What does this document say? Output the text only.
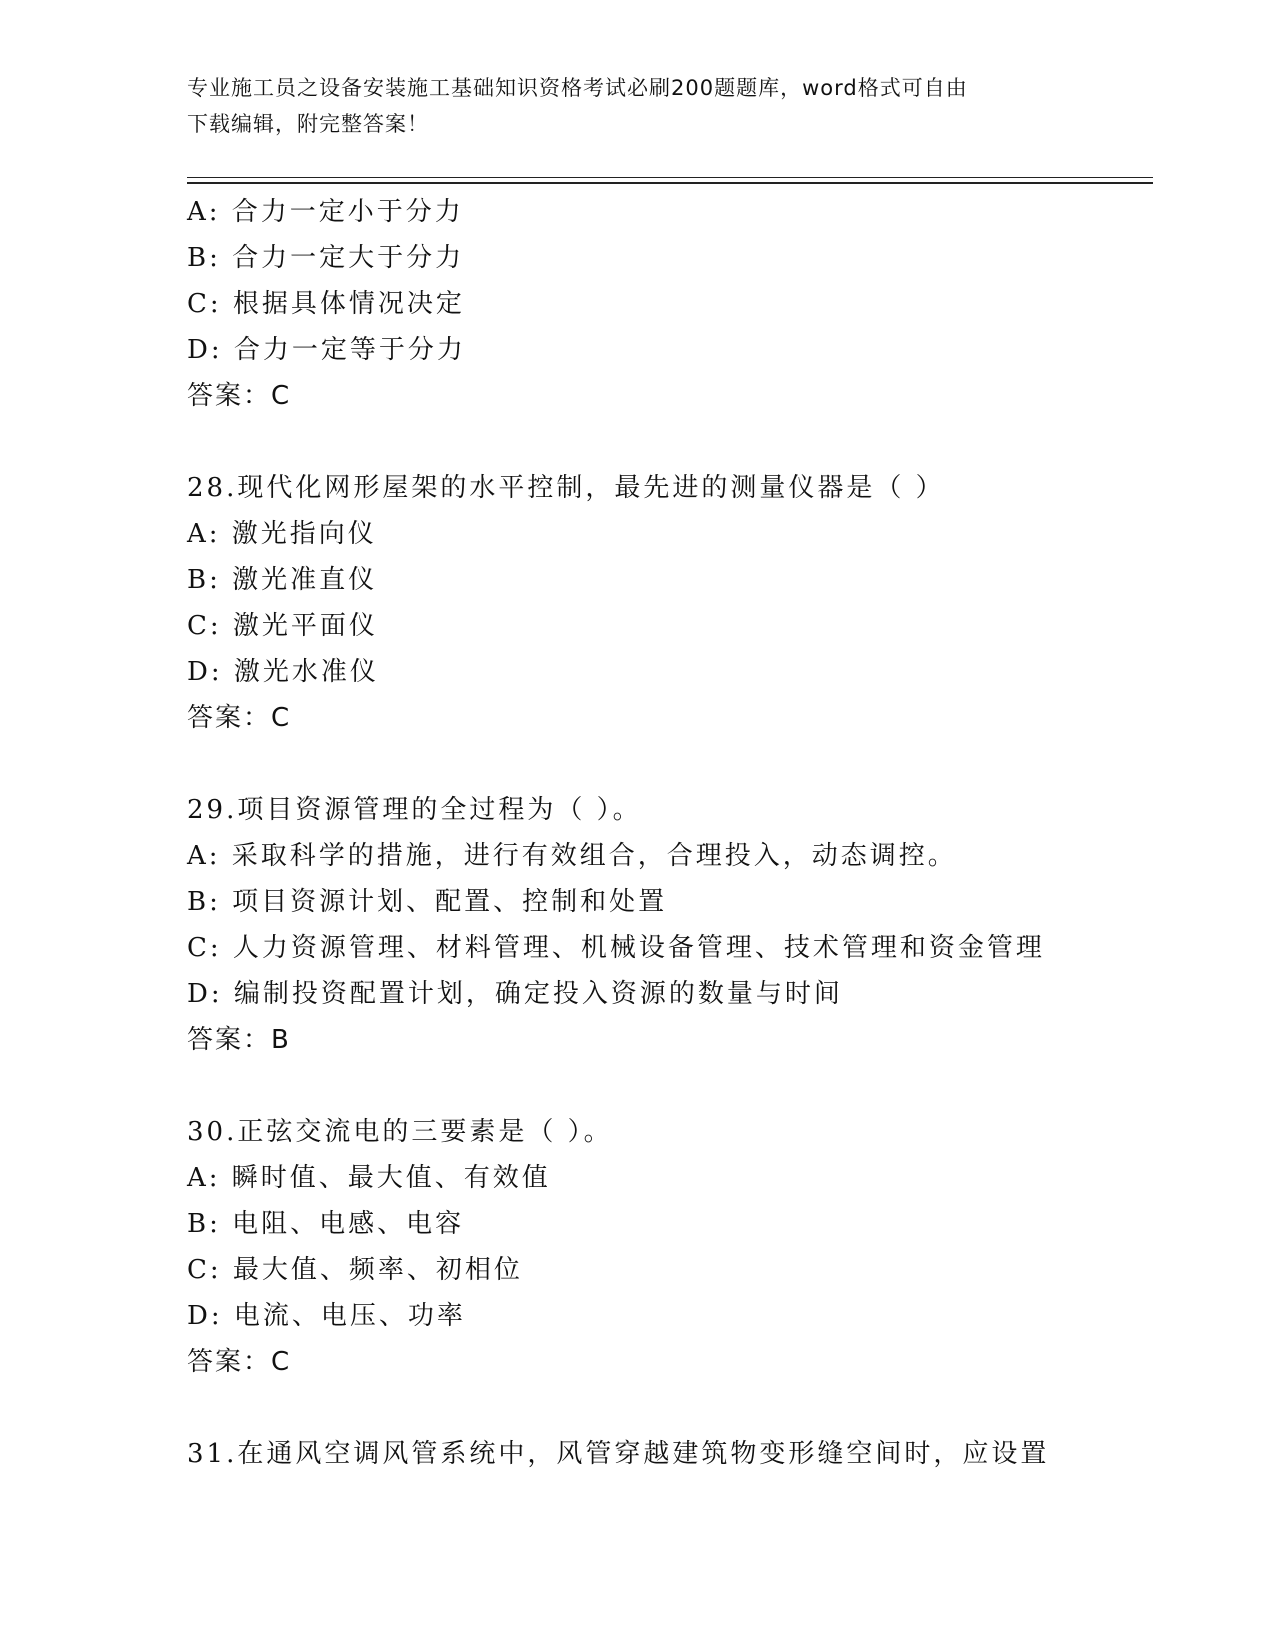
专业施工员之设备安装施工基础知识资格考试必刷200题题库，word格式可自由
下载编辑，附完整答案！
A: 合力一定小于分力
B: 合力一定大于分力
C: 根据具体情况决定
D: 合力一定等于分力
答案：C
28.现代化网形屋架的水平控制，最先进的测量仪器是（ ）
A: 激光指向仪
B: 激光准直仪
C: 激光平面仪
D: 激光水准仪
答案：C
29.项目资源管理的全过程为（ ）。
A: 采取科学的措施，进行有效组合，合理投入，动态调控。
B: 项目资源计划、配置、控制和处置
C: 人力资源管理、材料管理、机械设备管理、技术管理和资金管理
D: 编制投资配置计划，确定投入资源的数量与时间
答案：B
30.正弦交流电的三要素是（ ）。
A: 瞬时值、最大值、有效值
B: 电阻、电感、电容
C: 最大值、频率、初相位
D: 电流、电压、功率
答案：C
31.在通风空调风管系统中，风管穿越建筑物变形缝空间时，应设置
